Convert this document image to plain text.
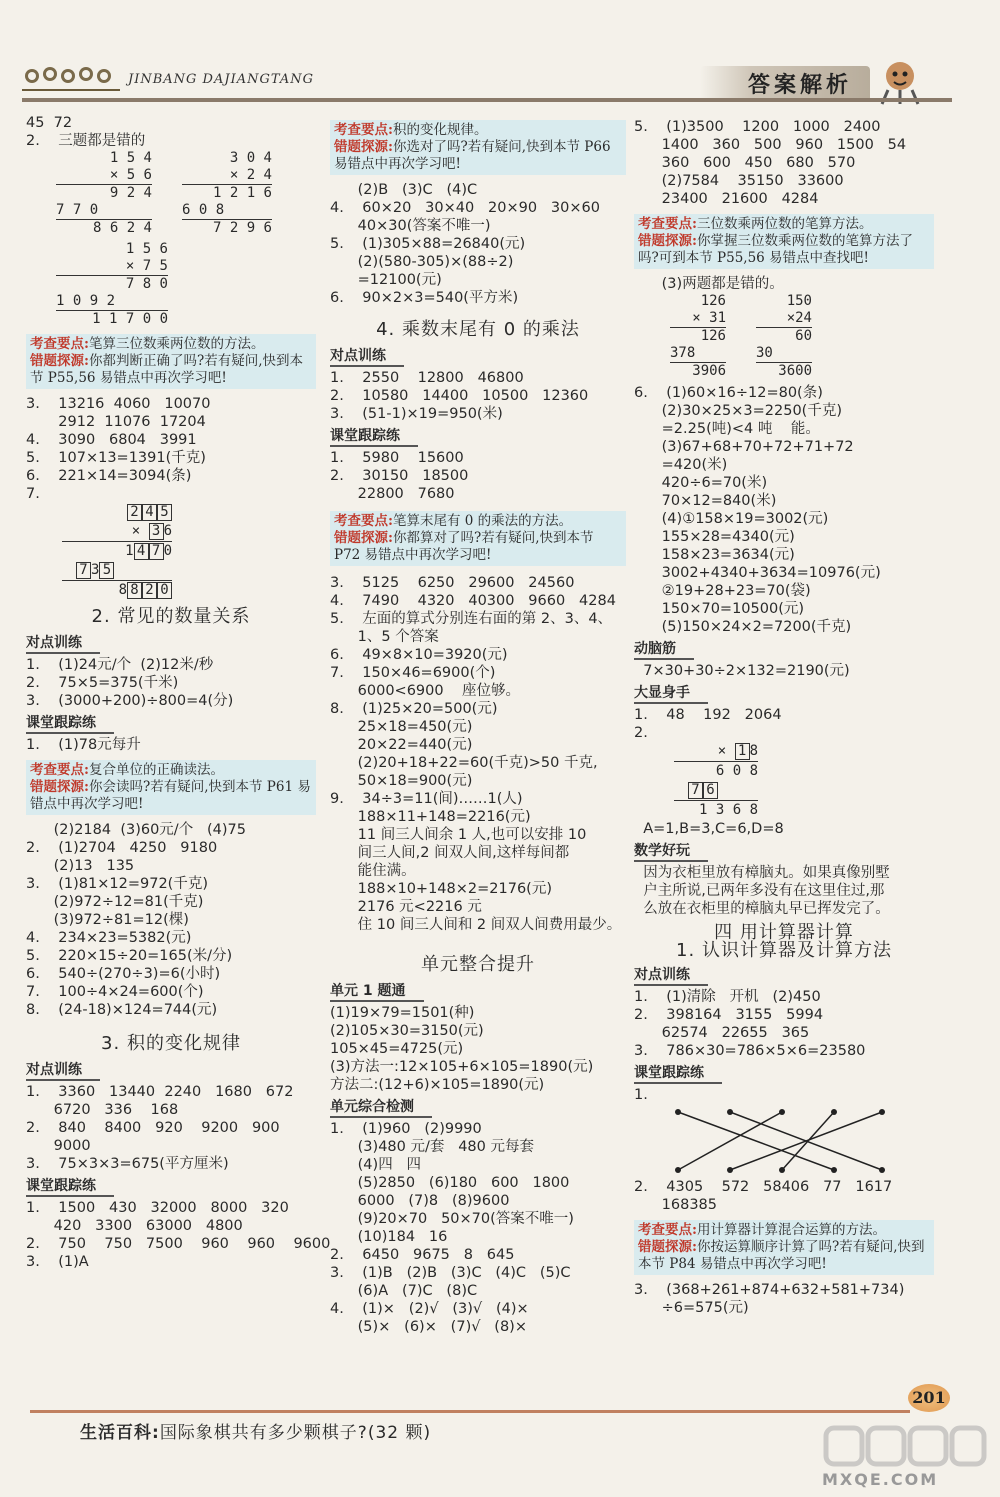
JINBANG DAJIANGTANG	答案解析
45  72
2.    三题都是错的
1 5 4
× 5 6
9 2 4
7 7 0
8 6 2 4
3 0 4
× 2 4
1 2 1 6
6 0 8
7 2 9 6
1 5 6
× 7 5
7 8 0
1 0 9 2
1 1 7 0 0
考查要点:笔算三位数乘两位数的方法。
错题探源:你都判断正确了吗?若有疑问,快到本节 P55,56 易错点中再次学习吧!
3.    13216  4060   10070
2912  11076  17204
4.    3090   6804   3991
5.    107×13=1391(千克)
6.    221×14=3094(条)
7.
2 4 5
× 3 6
1 4 7 0
7 3 5
8 8 2 0
2. 常见的数量关系
对点训练
1.    (1)24元/个  (2)12米/秒
2.    75×5=375(千米)
3.    (3000+200)÷800=4(分)
课堂跟踪练
1.    (1)78元每升
考查要点:复合单位的正确读法。
错题探源:你会读吗?若有疑问,快到本节 P61 易错点中再次学习吧!
(2)2184  (3)60元/个   (4)75
2.    (1)2704   4250   9180
(2)13   135
3.    (1)81×12=972(千克)
(2)972÷12=81(千克)
(3)972÷81=12(棵)
4.    234×23=5382(元)
5.    220×15÷20=165(米/分)
6.    540÷(270÷3)=6(小时)
7.    100÷4×24=600(个)
8.    (24-18)×124=744(元)
3. 积的变化规律
对点训练
1.    3360   13440  2240   1680   672
6720   336    168
2.    840    8400   920    9200   900
9000
3.    75×3×3=675(平方厘米)
课堂跟踪练
1.    1500   430   32000   8000   320
420   3300   63000   4800
2.    750    750   7500    960    960    9600
3.    (1)A
考查要点:积的变化规律。
错题探源:你选对了吗?若有疑问,快到本节 P66 易错点中再次学习吧!
(2)B   (3)C   (4)C
4.    60×20   30×40   20×90   30×60
40×30(答案不唯一)
5.    (1)305×88=26840(元)
(2)(580-305)×(88÷2)
=12100(元)
6.    90×2×3=540(平方米)
4. 乘数末尾有 0 的乘法
对点训练
1.    2550    12800   46800
2.    10580   14400   10500   12360
3.    (51-1)×19=950(米)
课堂跟踪练
1.    5980    15600
2.    30150   18500
22800   7680
考查要点:笔算末尾有 0 的乘法的方法。
错题探源:你都算对了吗?若有疑问,快到本节 P72 易错点中再次学习吧!
3.    5125    6250   29600   24560
4.    7490    4320   40300   9660   4284
5.    左面的算式分别连右面的第 2、3、4、
1、5 个答案
6.    49×8×10=3920(元)
7.    150×46=6900(个)
6000<6900    座位够。
8.    (1)25×20=500(元)
25×18=450(元)
20×22=440(元)
(2)20+18+22=60(千克)>50 千克,
50×18=900(元)
9.    34÷3=11(间)……1(人)
188×11+148=2216(元)
11 间三人间余 1 人,也可以安排 10
间三人间,2 间双人间,这样每间都
能住满。
188×10+148×2=2176(元)
2176 元<2216 元
住 10 间三人间和 2 间双人间费用最少。
单元整合提升
单元 1 题通
(1)19×79=1501(种)
(2)105×30=3150(元)
105×45=4725(元)
(3)方法一:12×105+6×105=1890(元)
方法二:(12+6)×105=1890(元)
单元综合检测
1.    (1)960   (2)9990
(3)480 元/套   480 元每套
(4)四   四
(5)2850   (6)180   600   1800
6000   (7)8   (8)9600
(9)20×70   50×70(答案不唯一)
(10)184   16
2.    6450   9675   8   645
3.    (1)B   (2)B   (3)C   (4)C   (5)C
(6)A   (7)C   (8)C
4.    (1)×   (2)√   (3)√   (4)×
(5)×   (6)×   (7)√   (8)×
5.    (1)3500    1200   1000   2400
1400   360   500   960   1500   54
360   600   450   680   570
(2)7584    35150   33600
23400   21600   4284
考查要点:三位数乘两位数的笔算方法。
错题探源:你掌握三位数乘两位数的笔算方法了吗?可到本节 P55,56 易错点中查找吧!
(3)两题都是错的。
126
× 31
126
378
3906
150
×24
60
30
3600
6.    (1)60×16÷12=80(条)
(2)30×25×3=2250(千克)
=2.25(吨)<4 吨    能。
(3)67+68+70+72+71+72
=420(米)
420÷6=70(米)
70×12=840(米)
(4)①158×19=3002(元)
155×28=4340(元)
158×23=3634(元)
3002+4340+3634=10976(元)
②19+28+23=70(袋)
150×70=10500(元)
(5)150×24×2=7200(千克)
动脑筋
7×30+30÷2×132=2190(元)
大显身手
1.    48    192   2064
2.
× 1 8
6 0 8
7 6
1 3 6 8
A=1,B=3,C=6,D=8
数学好玩
因为衣柜里放有樟脑丸。如果真像别墅
户主所说,已两年多没有在这里住过,那
么放在衣柜里的樟脑丸早已挥发完了。
四 用计算器计算
1. 认识计算器及计算方法
对点训练
1.    (1)清除   开机   (2)450
2.    398164   3155   5994
62574   22655   365
3.    786×30=786×5×6=23580
课堂跟踪练
1.
2.    4305    572   58406   77   1617
168385
考查要点:用计算器计算混合运算的方法。
错题探源:你按运算顺序计算了吗?若有疑问,快到本节 P84 易错点中再次学习吧!
3.    (368+261+874+632+581+734)
÷6=575(元)
生活百科:国际象棋共有多少颗棋子?(32 颗)
201
MXQE.COM
